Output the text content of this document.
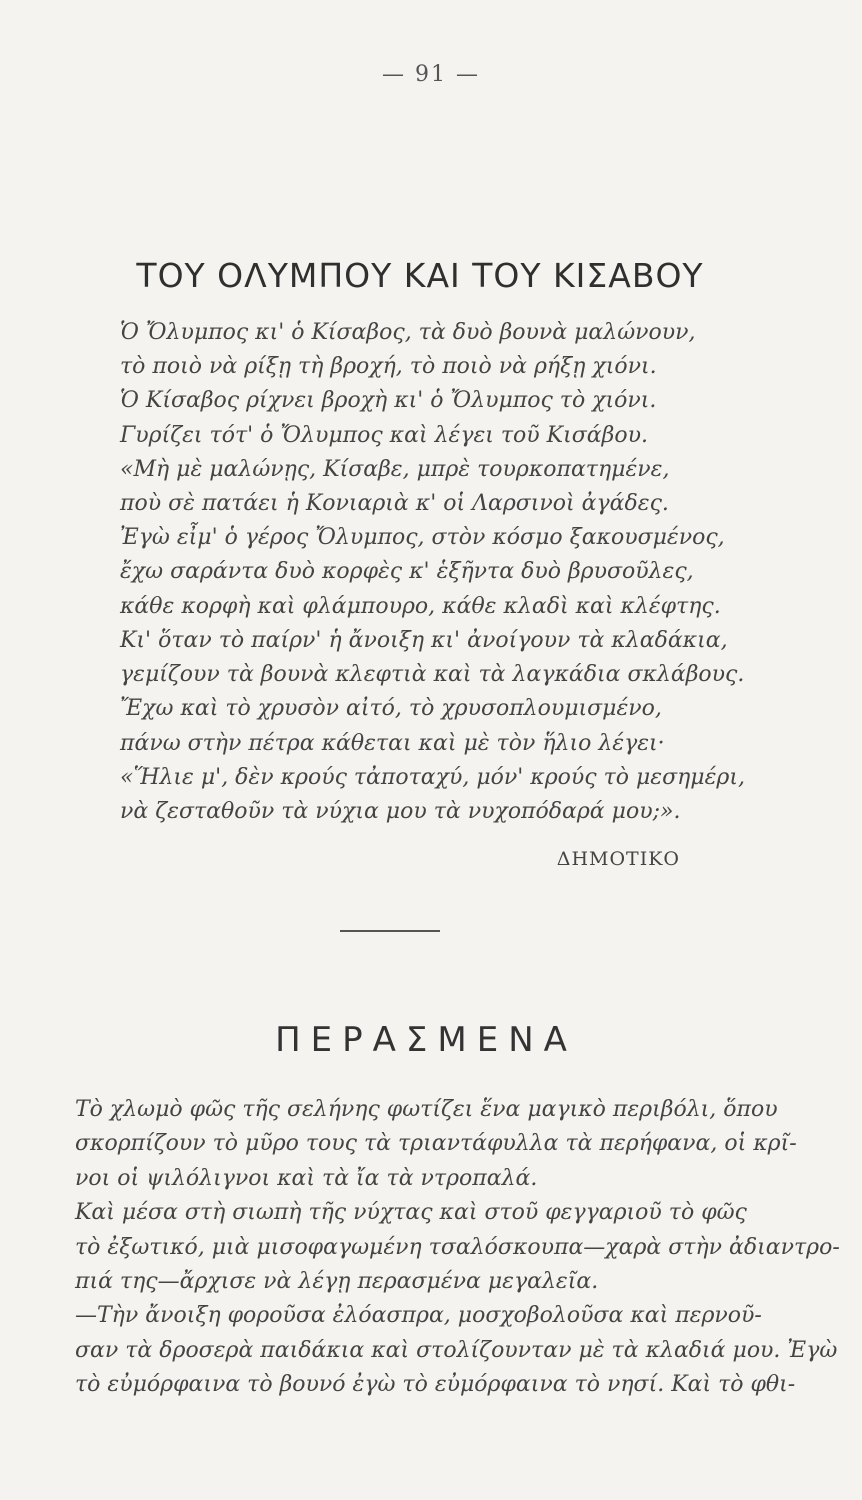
— 91 —
ΤΟΥ ΟΛΥΜΠΟΥ ΚΑΙ ΤΟΥ ΚΙΣΑΒΟΥ

Ὁ Ὄλυμπος κι' ὁ Κίσαβος, τὰ δυὸ βουνὰ μαλώνουν,

τὸ ποιὸ νὰ ρίξῃ τὴ βροχή, τὸ ποιὸ νὰ ρήξῃ χιόνι.

Ὁ Κίσαβος ρίχνει βροχὴ κι' ὁ Ὄλυμπος τὸ χιόνι.

Γυρίζει τότ' ὁ Ὄλυμπος καὶ λέγει τοῦ Κισάβου.

«Μὴ μὲ μαλώνῃς, Κίσαβε, μπρὲ τουρκοπατημένε,

ποὺ σὲ πατάει ἡ Κονιαριὰ κ' οἱ Λαρσινοὶ ἀγάδες.

Ἐγὼ εἶμ' ὁ γέρος Ὄλυμπος, στὸν κόσμο ξακουσμένος,

ἔχω σαράντα δυὸ κορφὲς κ' ἑξῆντα δυὸ βρυσοῦλες,

κάθε κορφὴ καὶ φλάμπουρο, κάθε κλαδὶ καὶ κλέφτης.

Κι' ὅταν τὸ παίρν' ἡ ἄνοιξη κι' ἀνοίγουν τὰ κλαδάκια,

γεμίζουν τὰ βουνὰ κλεφτιὰ καὶ τὰ λαγκάδια σκλάβους.

Ἔχω καὶ τὸ χρυσὸν αἰτό, τὸ χρυσοπλουμισμένο,

πάνω στὴν πέτρα κάθεται καὶ μὲ τὸν ἥλιο λέγει·

«Ἥλιε μ', δὲν κρούς τἀποταχύ, μόν' κρούς τὸ μεσημέρι,

νὰ ζεσταθοῦν τὰ νύχια μου τὰ νυχοπόδαρά μου;».

ΔΗΜΟΤΙΚΟ
ΠΕΡΑΣΜΕΝΑ

Τὸ χλωμὸ φῶς τῆς σελήνης φωτίζει ἕνα μαγικὸ περιβόλι, ὅπου

σκορπίζουν τὸ μῦρο τους τὰ τριαντάφυλλα τὰ περήφανα, οἱ κρῖ-

νοι οἱ ψιλόλιγνοι καὶ τὰ ἴα τὰ ντροπαλά.

Καὶ μέσα στὴ σιωπὴ τῆς νύχτας καὶ στοῦ φεγγαριοῦ τὸ φῶς

τὸ ἐξωτικό, μιὰ μισοφαγωμένη τσαλόσκουπα—χαρὰ στὴν ἀδιαντρο-

πιά της—ἄρχισε νὰ λέγῃ περασμένα μεγαλεῖα.

—Τὴν ἄνοιξη φοροῦσα ἐλόασπρα, μοσχοβολοῦσα καὶ περνοῦ-

σαν τὰ δροσερὰ παιδάκια καὶ στολίζουνταν μὲ τὰ κλαδιά μου. Ἐγὼ

τὸ εὐμόρφαινα τὸ βουνό ἐγὼ τὸ εὐμόρφαινα τὸ νησί. Καὶ τὸ φθι-
